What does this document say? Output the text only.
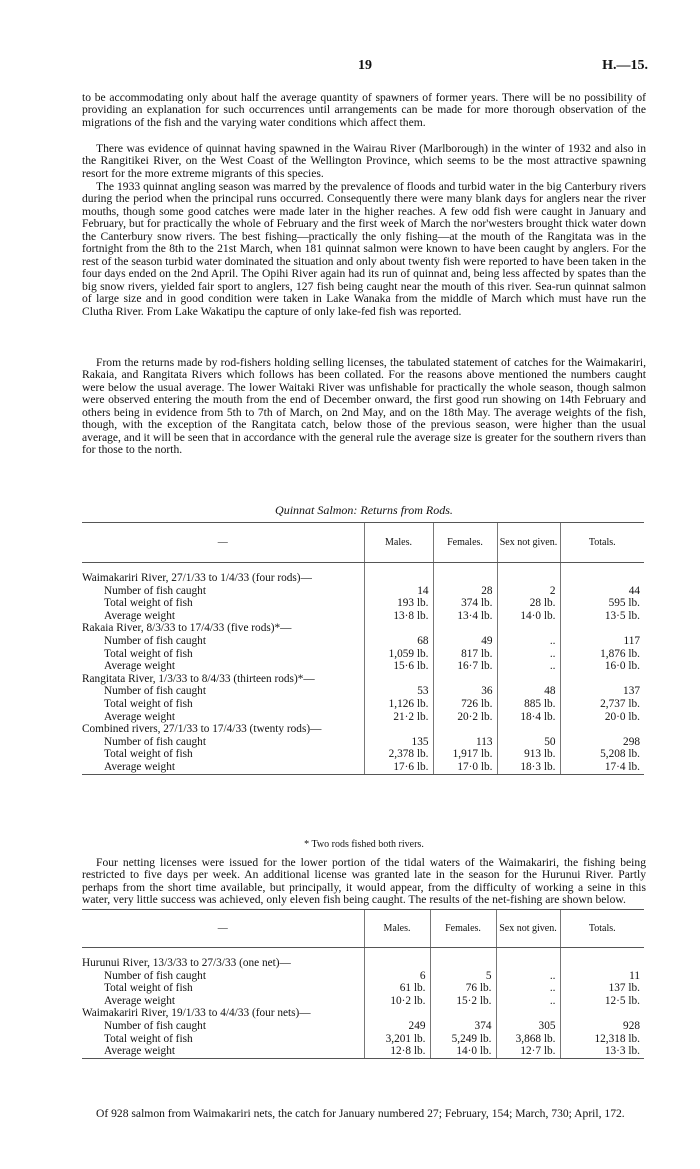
19	H.—15.

to be accommodating only about half the average quantity of spawners of former years. There will be no possibility of providing an explanation for such occurrences until arrangements can be made for more thorough observation of the migrations of the fish and the varying water conditions which affect them.

There was evidence of quinnat having spawned in the Wairau River (Marlborough) in the winter of 1932 and also in the Rangitikei River, on the West Coast of the Wellington Province, which seems to be the most attractive spawning resort for the more extreme migrants of this species.

The 1933 quinnat angling season was marred by the prevalence of floods and turbid water in the big Canterbury rivers during the period when the principal runs occurred. Consequently there were many blank days for anglers near the river mouths, though some good catches were made later in the higher reaches. A few odd fish were caught in January and February, but for practically the whole of February and the first week of March the nor'westers brought thick water down the Canterbury snow rivers. The best fishing—practically the only fishing—at the mouth of the Rangitata was in the fortnight from the 8th to the 21st March, when 181 quinnat salmon were known to have been caught by anglers. For the rest of the season turbid water dominated the situation and only about twenty fish were reported to have been taken in the four days ended on the 2nd April. The Opihi River again had its run of quinnat and, being less affected by spates than the big snow rivers, yielded fair sport to anglers, 127 fish being caught near the mouth of this river. Sea-run quinnat salmon of large size and in good condition were taken in Lake Wanaka from the middle of March which must have run the Clutha River. From Lake Wakatipu the capture of only lake-fed fish was reported.

From the returns made by rod-fishers holding selling licenses, the tabulated statement of catches for the Waimakariri, Rakaia, and Rangitata Rivers which follows has been collated. For the reasons above mentioned the numbers caught were below the usual average. The lower Waitaki River was unfishable for practically the whole season, though salmon were observed entering the mouth from the end of December onward, the first good run showing on 14th February and others being in evidence from 5th to 7th of March, on 2nd May, and on the 18th May. The average weights of the fish, though, with the exception of the Rangitata catch, below those of the previous season, were higher than the usual average, and it will be seen that in accordance with the general rule the average size is greater for the southern rivers than for those to the north.

Quinnat Salmon: Returns from Rods.
—	Males.	Females.	Sex not given.	Totals.

Waimakariri River, 27/1/33 to 1/4/33 (four rods)—				
Number of fish caught	14	28	2	44
Total weight of fish	193 lb.	374 lb.	28 lb.	595 lb.
Average weight	13·8 lb.	13·4 lb.	14·0 lb.	13·5 lb.
Rakaia River, 8/3/33 to 17/4/33 (five rods)*—				
Number of fish caught	68	49	..	117
Total weight of fish	1,059 lb.	817 lb.	..	1,876 lb.
Average weight	15·6 lb.	16·7 lb.	..	16·0 lb.
Rangitata River, 1/3/33 to 8/4/33 (thirteen rods)*—				
Number of fish caught	53	36	48	137
Total weight of fish	1,126 lb.	726 lb.	885 lb.	2,737 lb.
Average weight	21·2 lb.	20·2 lb.	18·4 lb.	20·0 lb.
Combined rivers, 27/1/33 to 17/4/33 (twenty rods)—				
Number of fish caught	135	113	50	298
Total weight of fish	2,378 lb.	1,917 lb.	913 lb.	5,208 lb.
Average weight	17·6 lb.	17·0 lb.	18·3 lb.	17·4 lb.
* Two rods fished both rivers.

Four netting licenses were issued for the lower portion of the tidal waters of the Waimakariri, the fishing being restricted to five days per week. An additional license was granted late in the season for the Hurunui River. Partly perhaps from the short time available, but principally, it would appear, from the difficulty of working a seine in this water, very little success was achieved, only eleven fish being caught. The results of the net-fishing are shown below.

—	Males.	Females.	Sex not given.	Totals.

Hurunui River, 13/3/33 to 27/3/33 (one net)—				
Number of fish caught	6	5	..	11
Total weight of fish	61 lb.	76 lb.	..	137 lb.
Average weight	10·2 lb.	15·2 lb.	..	12·5 lb.
Waimakariri River, 19/1/33 to 4/4/33 (four nets)—				
Number of fish caught	249	374	305	928
Total weight of fish	3,201 lb.	5,249 lb.	3,868 lb.	12,318 lb.
Average weight	12·8 lb.	14·0 lb.	12·7 lb.	13·3 lb.

Of 928 salmon from Waimakariri nets, the catch for January numbered 27; February, 154; March, 730; April, 172.
